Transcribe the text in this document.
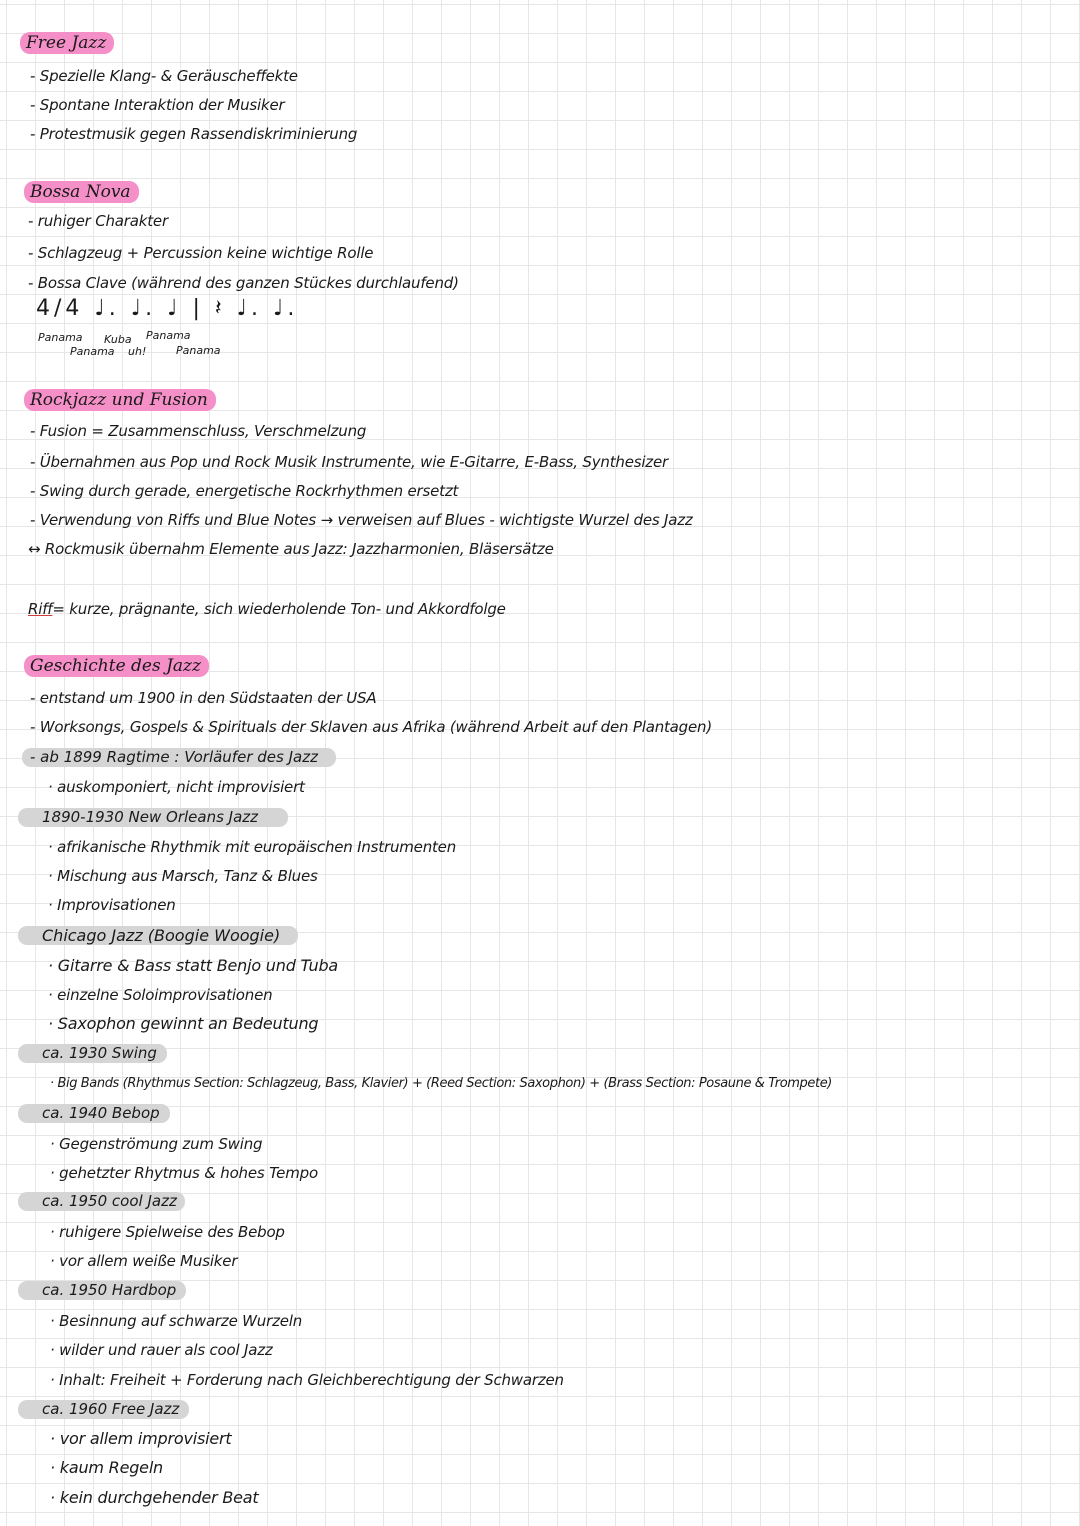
Free Jazz
- Spezielle Klang- & Geräuscheffekte
- Spontane Interaktion der Musiker
- Protestmusik gegen Rassendiskriminierung
Bossa Nova
- ruhiger Charakter
- Schlagzeug + Percussion keine wichtige Rolle
- Bossa Clave (während des ganzen Stückes durchlaufend)
4/4 ♩. ♩. ♩ | 𝄽 ♩. ♩.
Panama Kuba Panama
Panama uh!	Panama
Rockjazz und Fusion
- Fusion = Zusammenschluss, Verschmelzung
- Übernahmen aus Pop und Rock Musik Instrumente, wie E-Gitarre, E-Bass, Synthesizer
- Swing durch gerade, energetische Rockrhythmen ersetzt
- Verwendung von Riffs und Blue Notes → verweisen auf Blues - wichtigste Wurzel des Jazz
↔ Rockmusik übernahm Elemente aus Jazz: Jazzharmonien, Bläsersätze
Riff= kurze, prägnante, sich wiederholende Ton- und Akkordfolge
Geschichte des Jazz
- entstand um 1900 in den Südstaaten der USA
- Worksongs, Gospels & Spirituals der Sklaven aus Afrika (während Arbeit auf den Plantagen)
- ab 1899 Ragtime : Vorläufer des Jazz
· auskomponiert, nicht improvisiert
1890-1930 New Orleans Jazz
· afrikanische Rhythmik mit europäischen Instrumenten
· Mischung aus Marsch, Tanz & Blues
· Improvisationen
Chicago Jazz (Boogie Woogie)
· Gitarre & Bass statt Benjo und Tuba
· einzelne Soloimprovisationen
· Saxophon gewinnt an Bedeutung
ca. 1930 Swing
· Big Bands (Rhythmus Section: Schlagzeug, Bass, Klavier) + (Reed Section: Saxophon) + (Brass Section: Posaune & Trompete)
ca. 1940 Bebop
· Gegenströmung zum Swing
· gehetzter Rhytmus & hohes Tempo
ca. 1950 cool Jazz
· ruhigere Spielweise des Bebop
· vor allem weiße Musiker
ca. 1950 Hardbop
· Besinnung auf schwarze Wurzeln
· wilder und rauer als cool Jazz
· Inhalt: Freiheit + Forderung nach Gleichberechtigung der Schwarzen
ca. 1960 Free Jazz
· vor allem improvisiert
· kaum Regeln
· kein durchgehender Beat
